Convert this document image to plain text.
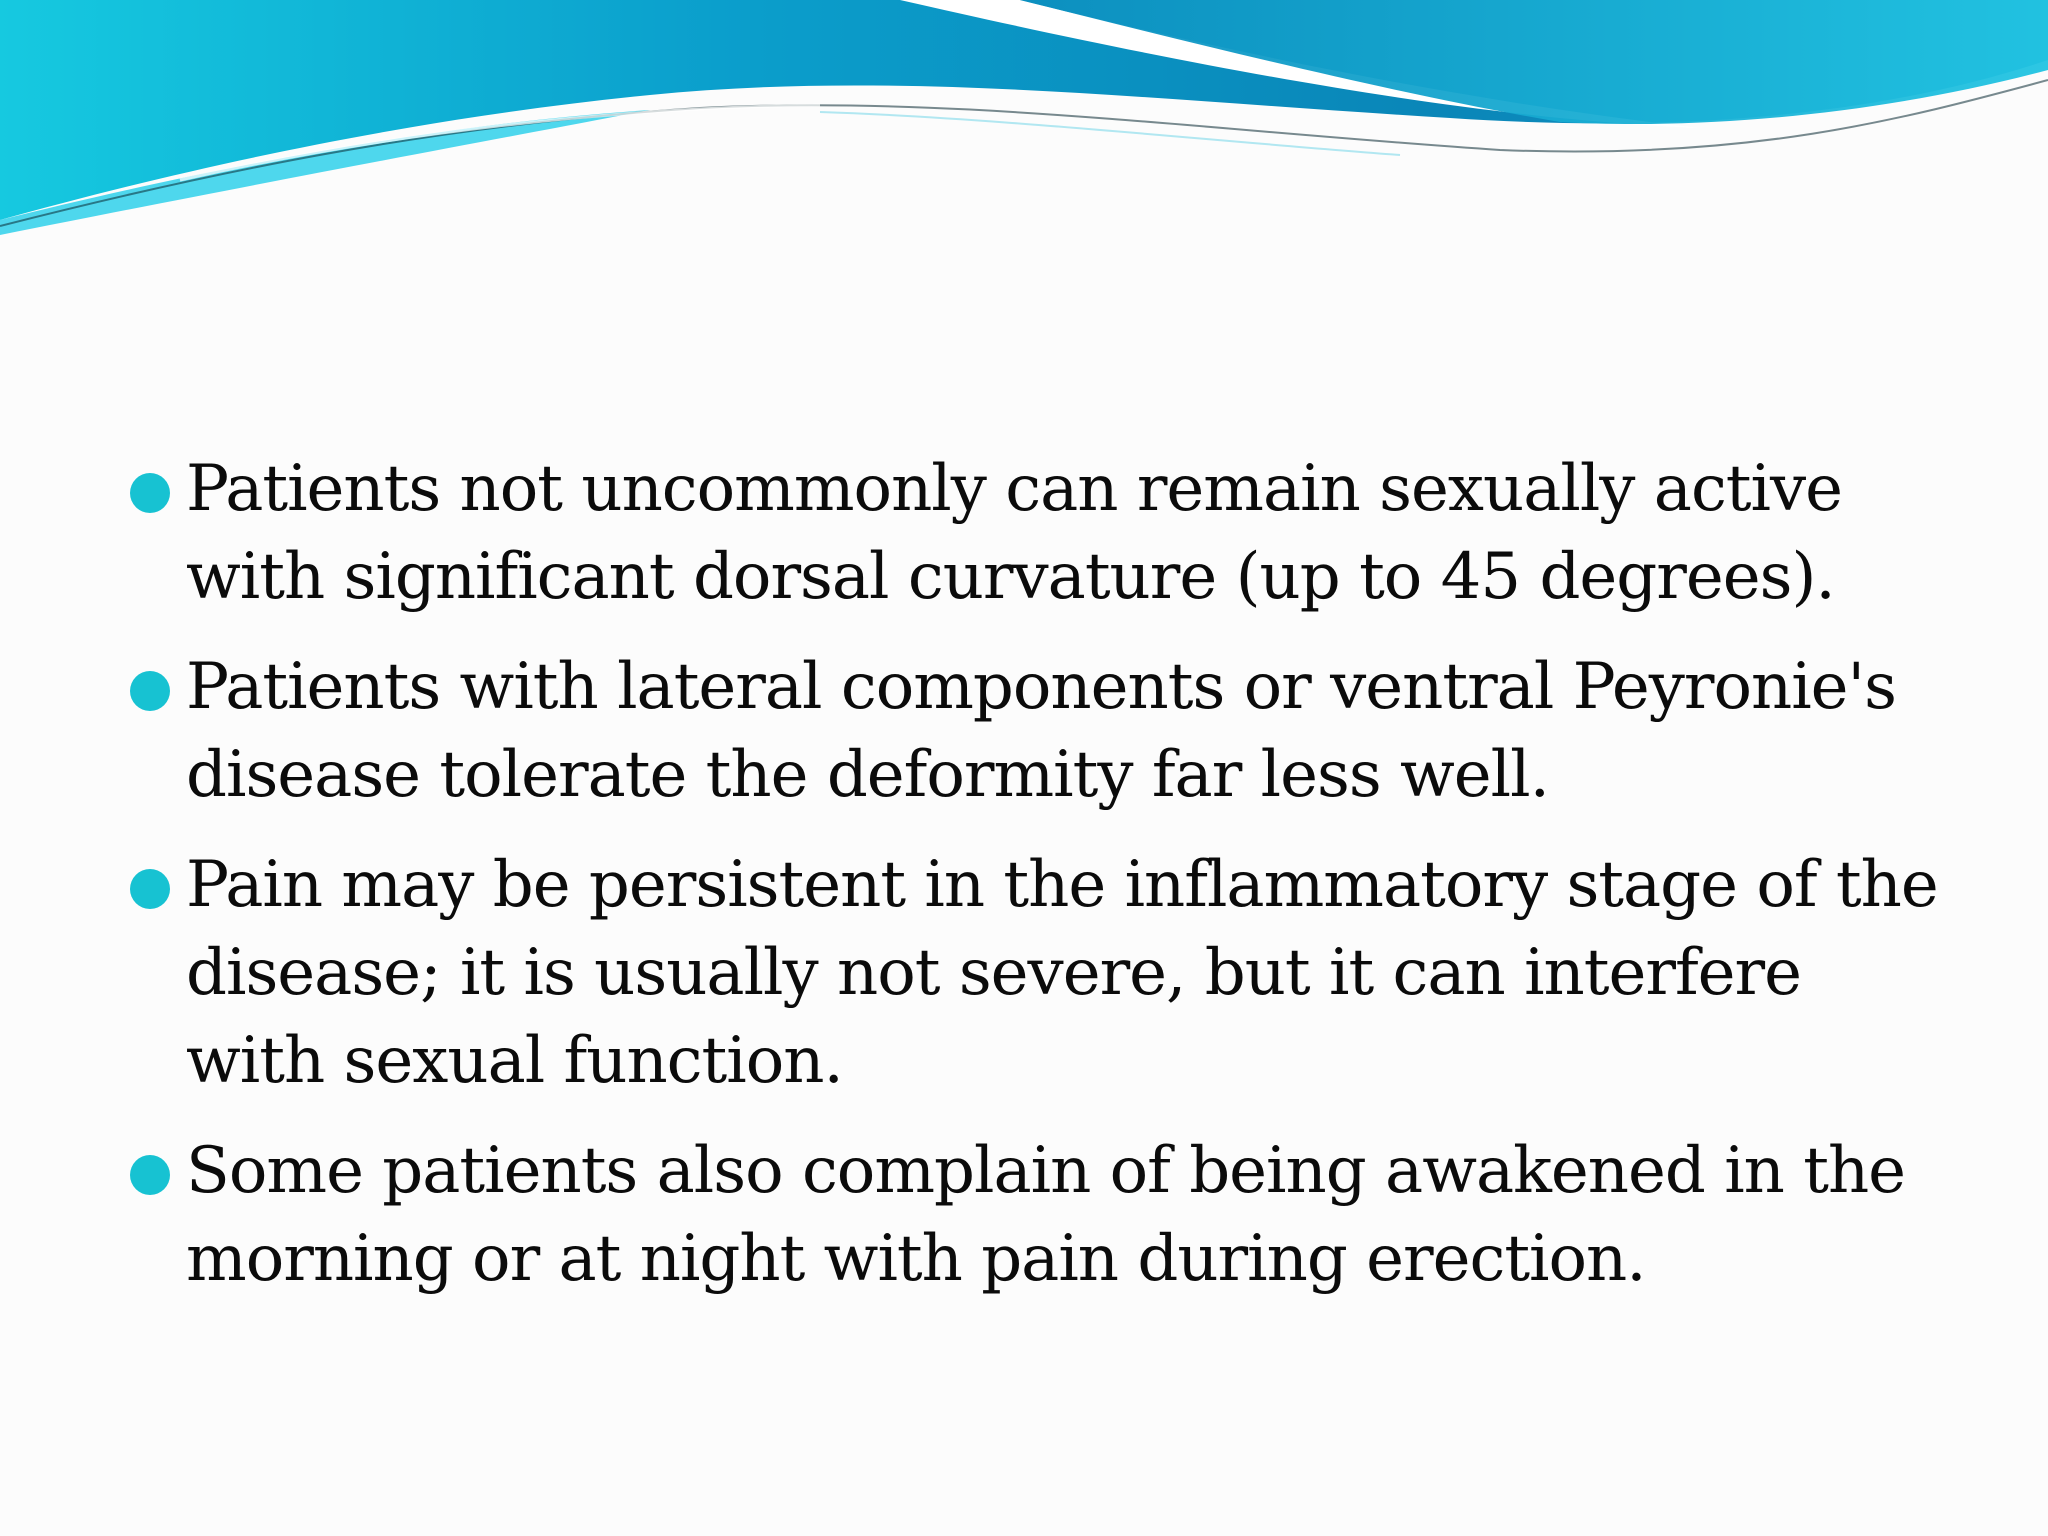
Patients not uncommonly can remain sexually active with significant dorsal curvature (up to 45 degrees).
Patients with lateral components or ventral Peyronie's disease tolerate the deformity far less well.
Pain may be persistent in the inflammatory stage of the disease; it is usually not severe, but it can interfere with sexual function.
Some patients also complain of being awakened in the morning or at night with pain during erection.
